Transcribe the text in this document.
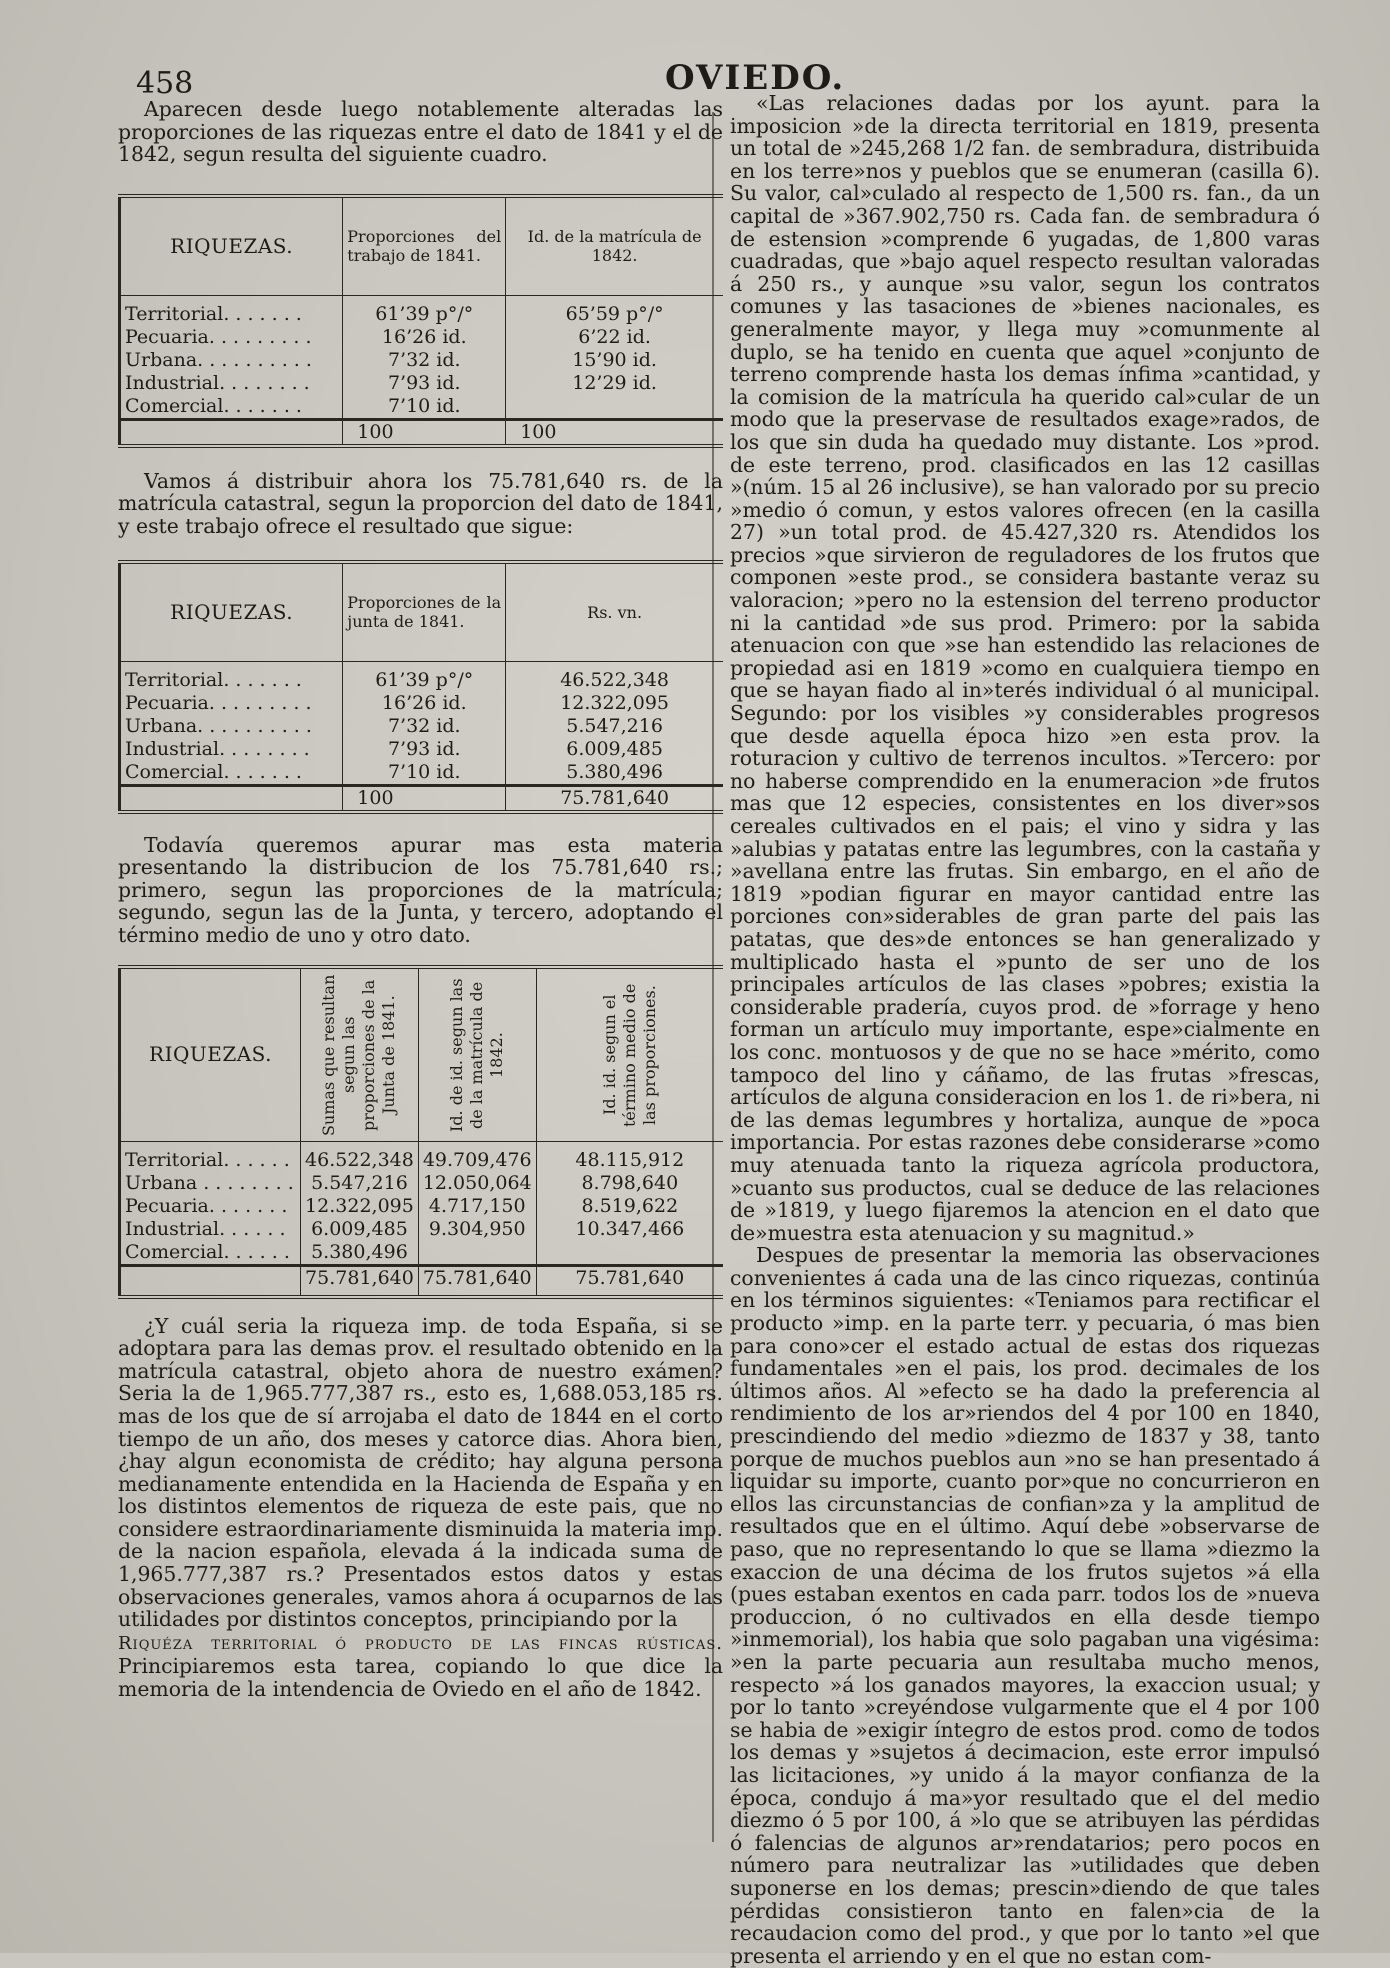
458	OVIEDO.

Aparecen desde luego notablemente alteradas las proporciones de las riquezas entre el dato de 1841 y el de 1842, segun resulta del siguiente cuadro.

RIQUEZAS.	Proporciones del trabajo de 1841.	Id. de la matrícula de 1842.
Territorial. . . . . . .	61’39 p°/°	65’59 p°/°
Pecuaria. . . . . . . . .	16’26 id.	6’22 id.
Urbana. . . . . . . . . .	7’32 id.	15’90 id.
Industrial. . . . . . . .	7’93 id.	12’29 id.
Comercial. . . . . . .	7’10 id.	
	100	100

Vamos á distribuir ahora los 75.781,640 rs. de la matrícula catastral, segun la proporcion del dato de 1841, y este trabajo ofrece el resultado que sigue:

RIQUEZAS.	Proporciones de la junta de 1841.	Rs. vn.
Territorial. . . . . . .	61’39 p°/°	46.522,348
Pecuaria. . . . . . . . .	16’26 id.	12.322,095
Urbana. . . . . . . . . .	7’32 id.	5.547,216
Industrial. . . . . . . .	7’93 id.	6.009,485
Comercial. . . . . . .	7’10 id.	5.380,496
	100	75.781,640

Todavía queremos apurar mas esta materia presentando la distribucion de los 75.781,640 rs.; primero, segun las proporciones de la matrícula; segundo, segun las de la Junta, y tercero, adoptando el término medio de uno y otro dato.

RIQUEZAS.	Sumas que resultan segun las proporciones de la Junta de 1841.	Id. de id. segun las de la matrícula de 1842.	Id. id. segun el término medio de las proporciones.

Territorial. . . . . .	46.522,348	49.709,476	48.115,912
Urbana . . . . . . . .	5.547,216	12.050,064	8.798,640
Pecuaria. . . . . . .	12.322,095	4.717,150	8.519,622
Industrial. . . . . .	6.009,485	9.304,950	10.347,466
Comercial. . . . . .	5.380,496		
	75.781,640	75.781,640	75.781,640

¿Y cuál seria la riqueza imp. de toda España, si se adoptara para las demas prov. el resultado obtenido en la matrícula catastral, objeto ahora de nuestro exámen? Seria la de 1,965.777,387 rs., esto es, 1,688.053,185 rs. mas de los que de sí arrojaba el dato de 1844 en el corto tiempo de un año, dos meses y catorce dias. Ahora bien, ¿hay algun economista de crédito; hay alguna persona medianamente entendida en la Hacienda de España y en los distintos elementos de riqueza de este pais, que no considere estraordinariamente disminuida la materia imp. de la nacion española, elevada á la indicada suma de 1,965.777,387 rs.? Presentados estos datos y estas observaciones generales, vamos ahora á ocuparnos de las utilidades por distintos conceptos, principiando por la

Riquéza territorial ó producto de las fincas rústicas. Principiaremos esta tarea, copiando lo que dice la memoria de la intendencia de Oviedo en el año de 1842.

«Las relaciones dadas por los ayunt. para la imposicion »de la directa territorial en 1819, presenta un total de »245,268 1/2 fan. de sembradura, distribuida en los terre»nos y pueblos que se enumeran (casilla 6). Su valor, cal»culado al respecto de 1,500 rs. fan., da un capital de »367.902,750 rs. Cada fan. de sembradura ó de estension »comprende 6 yugadas, de 1,800 varas cuadradas, que »bajo aquel respecto resultan valoradas á 250 rs., y aunque »su valor, segun los contratos comunes y las tasaciones de »bienes nacionales, es generalmente mayor, y llega muy »comunmente al duplo, se ha tenido en cuenta que aquel »conjunto de terreno comprende hasta los demas ínfima »cantidad, y la comision de la matrícula ha querido cal»cular de un modo que la preservase de resultados exage»rados, de los que sin duda ha quedado muy distante. Los »prod. de este terreno, prod. clasificados en las 12 casillas »(núm. 15 al 26 inclusive), se han valorado por su precio »medio ó comun, y estos valores ofrecen (en la casilla 27) »un total prod. de 45.427,320 rs. Atendidos los precios »que sirvieron de reguladores de los frutos que componen »este prod., se considera bastante veraz su valoracion; »pero no la estension del terreno productor ni la cantidad »de sus prod. Primero: por la sabida atenuacion con que »se han estendido las relaciones de propiedad asi en 1819 »como en cualquiera tiempo en que se hayan fiado al in»terés individual ó al municipal. Segundo: por los visibles »y considerables progresos que desde aquella época hizo »en esta prov. la roturacion y cultivo de terrenos incultos. »Tercero: por no haberse comprendido en la enumeracion »de frutos mas que 12 especies, consistentes en los diver»sos cereales cultivados en el pais; el vino y sidra y las »alubias y patatas entre las legumbres, con la castaña y »avellana entre las frutas. Sin embargo, en el año de 1819 »podian figurar en mayor cantidad entre las porciones con»siderables de gran parte del pais las patatas, que des»de entonces se han generalizado y multiplicado hasta el »punto de ser uno de los principales artículos de las clases »pobres; existia la considerable pradería, cuyos prod. de »forrage y heno forman un artículo muy importante, espe»cialmente en los conc. montuosos y de que no se hace »mérito, como tampoco del lino y cáñamo, de las frutas »frescas, artículos de alguna consideracion en los 1. de ri»bera, ni de las demas legumbres y hortaliza, aunque de »poca importancia. Por estas razones debe considerarse »como muy atenuada tanto la riqueza agrícola productora, »cuanto sus productos, cual se deduce de las relaciones de »1819, y luego fijaremos la atencion en el dato que de»muestra esta atenuacion y su magnitud.»

Despues de presentar la memoria las observaciones convenientes á cada una de las cinco riquezas, continúa en los términos siguientes: «Teniamos para rectificar el producto »imp. en la parte terr. y pecuaria, ó mas bien para cono»cer el estado actual de estas dos riquezas fundamentales »en el pais, los prod. decimales de los últimos años. Al »efecto se ha dado la preferencia al rendimiento de los ar»riendos del 4 por 100 en 1840, prescindiendo del medio »diezmo de 1837 y 38, tanto porque de muchos pueblos aun »no se han presentado á liquidar su importe, cuanto por»que no concurrieron en ellos las circunstancias de confian»za y la amplitud de resultados que en el último. Aquí debe »observarse de paso, que no representando lo que se llama »diezmo la exaccion de una décima de los frutos sujetos »á ella (pues estaban exentos en cada parr. todos los de »nueva produccion, ó no cultivados en ella desde tiempo »inmemorial), los habia que solo pagaban una vigésima: »en la parte pecuaria aun resultaba mucho menos, respecto »á los ganados mayores, la exaccion usual; y por lo tanto »creyéndose vulgarmente que el 4 por 100 se habia de »exigir íntegro de estos prod. como de todos los demas y »sujetos á decimacion, este error impulsó las licitaciones, »y unido á la mayor confianza de la época, condujo á ma»yor resultado que el del medio diezmo ó 5 por 100, á »lo que se atribuyen las pérdidas ó falencias de algunos ar»rendatarios; pero pocos en número para neutralizar las »utilidades que deben suponerse en los demas; prescin»diendo de que tales pérdidas consistieron tanto en falen»cia de la recaudacion como del prod., y que por lo tanto »el que presenta el arriendo y en el que no estan com-
